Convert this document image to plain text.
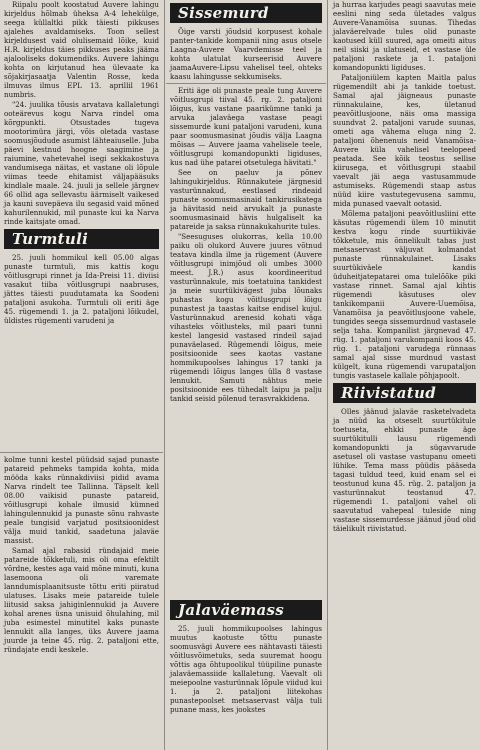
Riipalu poolt koostatud Auvere lahingu kirjeldus hõlmab üheksa A-4 lehekülge, seega küllaltki pikk täiesti pikkuses ajalehes avaldamiseks. Toon sellest kirjeldusest vaid olulisemaid lõike, kuid H.R. kirjeldus täies pikkuses peaks jääma ajalooliseks dokumendiks. Auvere lahingu kohta on kirjutanud hea ülevaate ka sõjakirjasaatja Valentin Rosse, keda ilmuvas ilmus EPL 13. aprillil 1961 numbris.

"24. juulika tõusis arvatava kallaletungi ooteärevus kogu Narva rindel oma kõrgpunkti. Otsustades tugeva mootorimüra järgi, võis oletada vastase soomusjõudude asumist lähteaiuselle. Juba päevi kestnud hoogne saagimine ja raiumine, vahetevahel isegi sekkakostuva vandumisega näitas, et vastane oli lõpule viimas teede ehitamist väljapääsuks kindlale maale. 24. juuli ja sellele järgnev 66 ollid aga sellevastu äärmiselt vaikesed ja kauni suvepäeva ilu segasid vaid mõned kahurilennukid, mil punaste kui ka Narva rinde kaitsjate omad.

Turmtuli

25. juuli hommikul kell 05.00 algas punaste turmtuli, mis kattis kogu võitlusgrupi rinnet ja Ida-Preisi 11. diviisi vasakut tiiba võitlusgrupi naabruses, jättes täiesti puudutamata ka Soodeni pataljoni asukoha. Turmtuli oli eriti äge 45. rügemendi 1. ja 2. pataljoni lõikudel, üldistes rügementi varudeni ja

Sissemurd

Õige varsti jõudsid korpusest kohale panter-tankide kompanii ning asus otsele Laagna-Auvere Vaarvdemisse teel ja kohta ulatulat kurseerisid Auvere jaamaAuvere-Lipsu vahelisel teel, ohteks kaasu lahingusse sekkumiseks.

Eriti äge oli punaste peale tung Auvere võitlusgrupi tiival 45. rg. 2. pataljoni lõigus, kus vastane paarikümne tanki ja arvuka jalaväega vastase peagi sissemurde kuni pataljoni varudeni, kuna paar soomusmasinat jõudis välja Laagna mõisas — Auvere jaama vahelisele teele, võitlusgrupi komandopunkti ligiduses, kus nad ühe patarei otsetulega hävitati."

See on paeluv ja põnev lahingukirjeldus. Rünnakuteie järgnesid vasturünnakud, eestlased rindeaid punaste soomusmasinaid tankirusikatega ja hävitasid neid arvukalt ja punaste soomusmasinaid hävis hulgaliselt ka patareide ja saksa rünnakukahurite tules.

"Seesuguses olukorras, kella 10.00 paiku oli olukord Auvere juures võtnud teatava kindla ilme ja rügement (Auvere võitlusgrupi inimjõud oli umbes 3000 meest. J.R.) asus koordineeritud vasturünnakule, mis toetatuina tankidest ja meie suurtükivägest juba lõunaks puhastas kogu võitlusgrupi lõigu punastest ja taastas kaitse endisel kujul. Vasturünnakud arenesid kohati väga vihasteks võitlusteks, mil paari tunni kestel langesid vastased rindeil sajad punaväelased. Rügemendi lõigus, meie positsioonide sees kaotas vastane hommikupoolses lahingus 17 tanki ja rügemendi lõigus langes ülla 8 vastase lennukit. Samuti nähtus meie positsioonide ees tühedalt laipu ja palju tankid seisid põlenud terasvrakkidena.

kolme tunni kestel püüdsid sajad punaste patareid pehmeks tampida kohta, mida mööda kaks rünnakdiviisi pidid avama Narva rindelt tee Tallinna. Täpselt kell 08.00 vaikisid punaste patareid, võitlusgrupi kohale ilmusid kümned lahingulennukid ja punaste sõnu rahvaste peale tungisid varjatud positsioonidest välja muid tankid, saadetuna jalaväe massist.

Samal ajal rabasid ründajaid meie patareide tõkketuli, mis oli oma efektilt võrdne, kestes aga vaid mõne minuti, kuna lasemoona oli varemate lanndumisplaanitsuste tõttu eriti piiratud ulatuses. Lisaks meie patareide tulele liitusid saksa jahiginlennukid ja Auvere kohal arenes üsna unisuid õhulahing, mil juba esimestel minutitel kaks punaste lennukit alla langes, üks Auvere jaama juurde ja teine 45. rüg. 2. pataljoni ette, ründajate endi keskele.

Jalaväemass

25. juuli hommikupoolses lahingus muutus kaotuste tõttu punaste soomusvägi Auvere ees nähtavasti täiesti võitlusvõimetuks, seda suuremat hoogu võttis aga õhtupoolikul tüüpiline punaste jalaväemassiide kallaletung. Vaevalt oli meiepoolne vasturünnak lõpule viidud kui 1. ja 2. pataljoni liitekohas punastepoolset metsaservast välja tuli punane mass, kes jookstes

ja hurraa karjudes peagi saavutas meie eeslini ning seda ületades valgus Auvere-Vanamõisa suunas. Tihedas jalaväerelvade tules olid punaste kaotused küll suured, aga omeiti aitus neil siiski ja ulatuseid, et vastase üle pataljoni raskete ja 1. pataljoni komandopunkti ligiduses.

Pataljoniülem kapten Maitla palus rügemendilt abi ja tankide toetust. Samal ajal jäigneaus punaste rünnakulaine, kes, ületanud peavõitlusjoone, näis oma massiga suundvat 2. pataljoni varude suunas, ometi aga vähema eluga ning 2. pataljoni õhenenuis neid Vanamõisa-Auvere küla vahelisel teelopeed peatada. See kõik teostus sellise kiirusega, et võitlusgrupi staabil vaevalt jäi aega vastusammude astumiseks. Rügemendi staap astus nüüd kiire vastutegevusena sammu, mida punased vaevalt ootasid.

Mõlema pataljoni peavõitlusliini ette käsutas rügemendi ülem 10 minutit kestva kogu rinde suurtükiväe tõkketule, mis õnnelikult tabas just metsaservast väljuvat kolmandat punaste rünnakulainet. Lisaks suurtükiväele kandis üduheitjatepatarei oma tulelõõke piki vastase rinnet. Samal ajal kihtis rügemendi käsutuses olev tankikompanii Auvere-Uuemõisa, Vanamõisa ja peavõitlusjoone vahele, tungides seega sissemurdnud vastasele selja taha. Kompanilist järgnevad 47. rüg. 1. pataljoni varukompanii koos 45. rüg. 1. pataljoni varudega rünnaas samal ajal sisse murdnud vastast külgelt, kuna rügemendi varupataljon tungis vastasele kallale põhjapoolt.

Riivistatud

Olles jäänud jalaväe rasketelvadeta ja nüüd ka otseselt suurtükitule toetuseta, ehkki punaste äge suurtükitulli lausu rügemendi komandopunkti ja sügavvarude asetusel oli vastase vastupanu omeeti lühike. Tema mass püüdis pääseda tagasi tuldud teed, kuid enam sel ei teostunud kuna 45. rüg. 2. pataljon ja vasturünnakut teostanud 47. rügemendi 1. pataljoni vahel oli saavutatud vahepeal tuleside ning vastase sissemurdesse jäänud jõud olid täielikult riivistatud.
